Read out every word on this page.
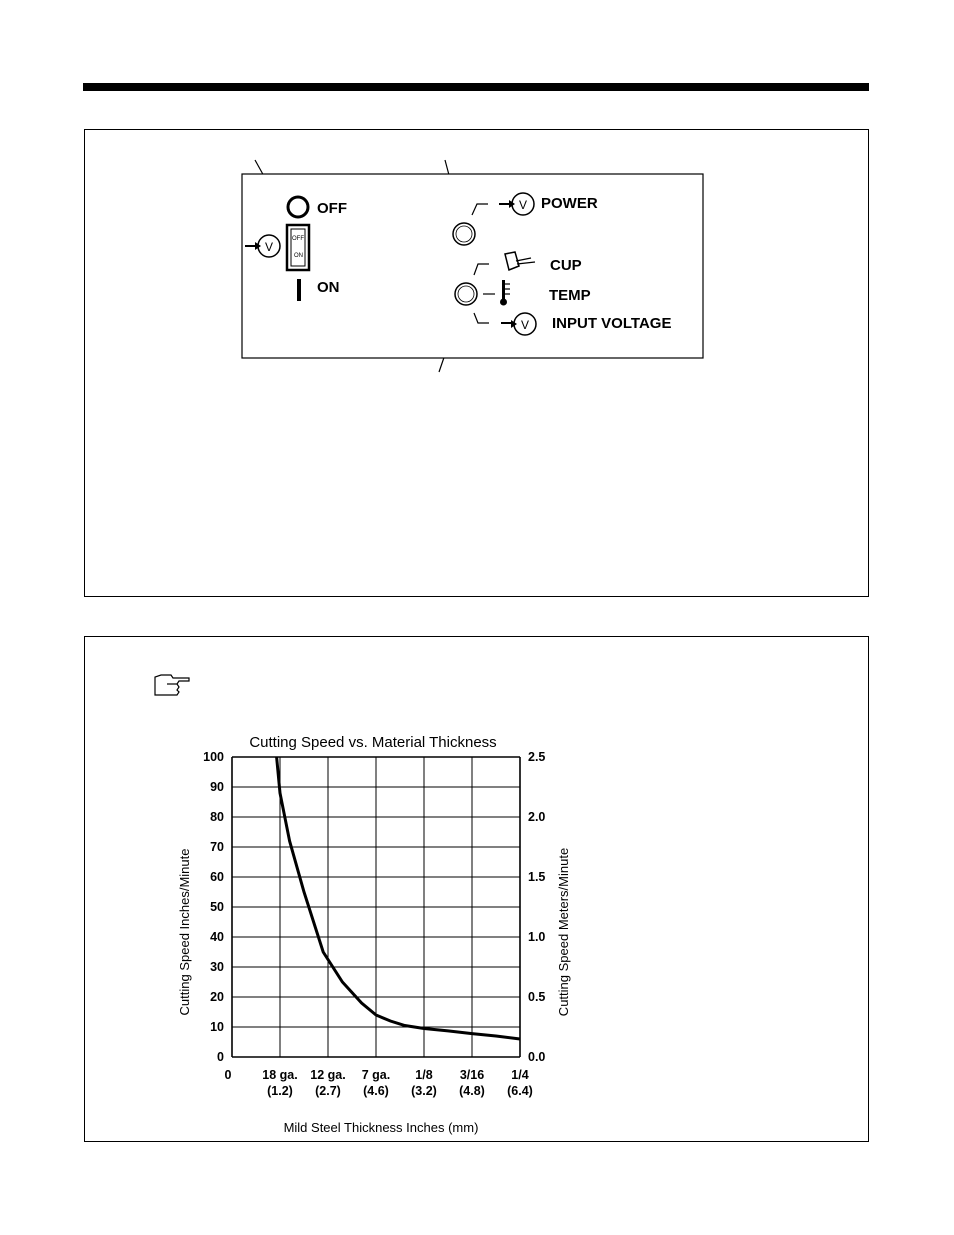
OFF
V
OFF
ON
ON
V POWER
CUP
TEMP
V INPUT VOLTAGE
Cutting Speed vs. Material Thickness
0
10
20
30
40
50
60
70
80
90
100
0.0
0.5
1.0
1.5
2.0
2.5
0 18 ga.
(1.2)
12 ga.
(2.7)
7 ga.
(4.6)
1/8
(3.2)
3/16
(4.8)
1/4
(6.4)
Cutting Speed Inches/Minute	Cutting Speed Meters/Minute
Mild Steel Thickness Inches (mm)
